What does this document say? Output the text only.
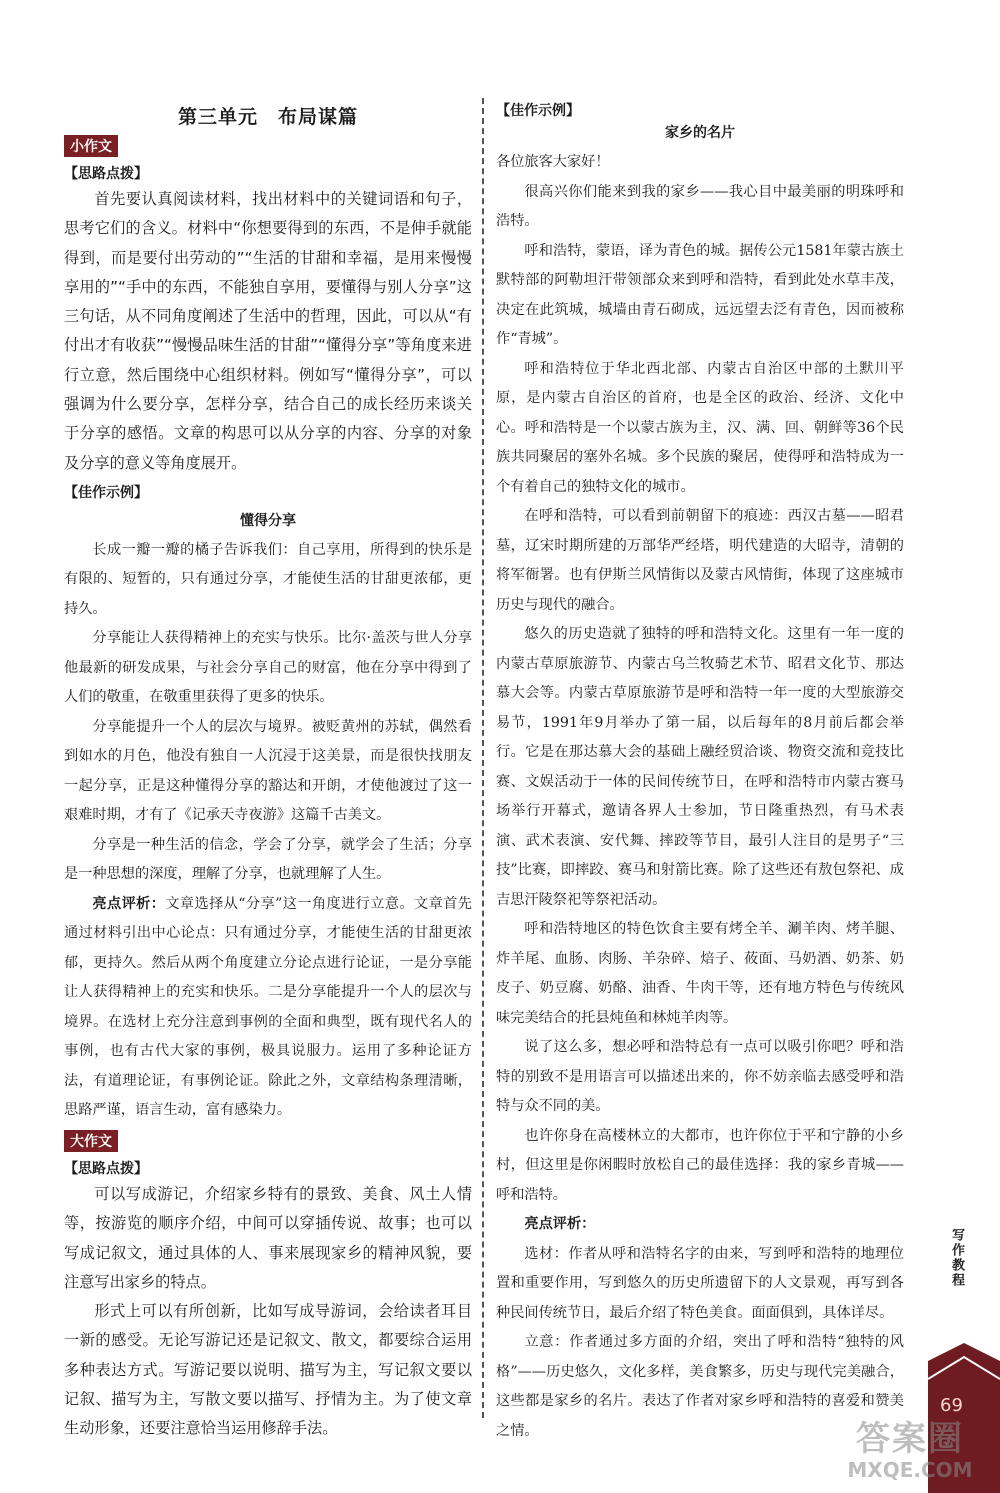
第三单元　布局谋篇
小作文
【思路点拨】

首先要认真阅读材料，找出材料中的关键词语和句子，思考它们的含义。材料中“你想要得到的东西，不是伸手就能得到，而是要付出劳动的”“生活的甘甜和幸福，是用来慢慢享用的”“手中的东西，不能独自享用，要懂得与别人分享”这三句话，从不同角度阐述了生活中的哲理，因此，可以从“有付出才有收获”“慢慢品味生活的甘甜”“懂得分享”等角度来进行立意，然后围绕中心组织材料。例如写“懂得分享”，可以强调为什么要分享，怎样分享，结合自己的成长经历来谈关于分享的感悟。文章的构思可以从分享的内容、分享的对象及分享的意义等角度展开。

【佳作示例】
懂得分享

长成一瓣一瓣的橘子告诉我们：自己享用，所得到的快乐是有限的、短暂的，只有通过分享，才能使生活的甘甜更浓郁，更持久。

分享能让人获得精神上的充实与快乐。比尔·盖茨与世人分享他最新的研发成果，与社会分享自己的财富，他在分享中得到了人们的敬重，在敬重里获得了更多的快乐。

分享能提升一个人的层次与境界。被贬黄州的苏轼，偶然看到如水的月色，他没有独自一人沉浸于这美景，而是很快找朋友一起分享，正是这种懂得分享的豁达和开朗，才使他渡过了这一艰难时期，才有了《记承天寺夜游》这篇千古美文。

分享是一种生活的信念，学会了分享，就学会了生活；分享是一种思想的深度，理解了分享，也就理解了人生。

亮点评析：文章选择从“分享”这一角度进行立意。文章首先通过材料引出中心论点：只有通过分享，才能使生活的甘甜更浓郁，更持久。然后从两个角度建立分论点进行论证，一是分享能让人获得精神上的充实和快乐。二是分享能提升一个人的层次与境界。在选材上充分注意到事例的全面和典型，既有现代名人的事例，也有古代大家的事例，极具说服力。运用了多种论证方法，有道理论证，有事例论证。除此之外，文章结构条理清晰，思路严谨，语言生动，富有感染力。

大作文
【思路点拨】

可以写成游记，介绍家乡特有的景致、美食、风土人情等，按游览的顺序介绍，中间可以穿插传说、故事；也可以写成记叙文，通过具体的人、事来展现家乡的精神风貌，要注意写出家乡的特点。

形式上可以有所创新，比如写成导游词，会给读者耳目一新的感受。无论写游记还是记叙文、散文，都要综合运用多种表达方式。写游记要以说明、描写为主，写记叙文要以记叙、描写为主，写散文要以描写、抒情为主。为了使文章生动形象，还要注意恰当运用修辞手法。

【佳作示例】
家乡的名片

各位旅客大家好！

很高兴你们能来到我的家乡——我心目中最美丽的明珠呼和浩特。

呼和浩特，蒙语，译为青色的城。据传公元1581年蒙古族土默特部的阿勒坦汗带领部众来到呼和浩特，看到此处水草丰茂，决定在此筑城，城墙由青石砌成，远远望去泛有青色，因而被称作“青城”。

呼和浩特位于华北西北部、内蒙古自治区中部的土默川平原，是内蒙古自治区的首府，也是全区的政治、经济、文化中心。呼和浩特是一个以蒙古族为主，汉、满、回、朝鲜等36个民族共同聚居的塞外名城。多个民族的聚居，使得呼和浩特成为一个有着自己的独特文化的城市。

在呼和浩特，可以看到前朝留下的痕迹：西汉古墓——昭君墓，辽宋时期所建的万部华严经塔，明代建造的大昭寺，清朝的将军衙署。也有伊斯兰风情街以及蒙古风情街，体现了这座城市历史与现代的融合。

悠久的历史造就了独特的呼和浩特文化。这里有一年一度的内蒙古草原旅游节、内蒙古乌兰牧骑艺术节、昭君文化节、那达慕大会等。内蒙古草原旅游节是呼和浩特一年一度的大型旅游交易节，1991年9月举办了第一届，以后每年的8月前后都会举行。它是在那达慕大会的基础上融经贸洽谈、物资交流和竞技比赛、文娱活动于一体的民间传统节日，在呼和浩特市内蒙古赛马场举行开幕式，邀请各界人士参加，节日隆重热烈，有马术表演、武术表演、安代舞、摔跤等节目，最引人注目的是男子“三技”比赛，即摔跤、赛马和射箭比赛。除了这些还有敖包祭祀、成吉思汗陵祭祀等祭祀活动。

呼和浩特地区的特色饮食主要有烤全羊、涮羊肉、烤羊腿、炸羊尾、血肠、肉肠、羊杂碎、焙子、莜面、马奶酒、奶茶、奶皮子、奶豆腐、奶酪、油香、牛肉干等，还有地方特色与传统风味完美结合的托县炖鱼和林炖羊肉等。

说了这么多，想必呼和浩特总有一点可以吸引你吧？呼和浩特的别致不是用语言可以描述出来的，你不妨亲临去感受呼和浩特与众不同的美。

也许你身在高楼林立的大都市，也许你位于平和宁静的小乡村，但这里是你闲暇时放松自己的最佳选择：我的家乡青城——呼和浩特。

亮点评析：

选材：作者从呼和浩特名字的由来，写到呼和浩特的地理位置和重要作用，写到悠久的历史所遗留下的人文景观，再写到各种民间传统节日，最后介绍了特色美食。面面俱到，具体详尽。

立意：作者通过多方面的介绍，突出了呼和浩特“独特的风格”——历史悠久，文化多样，美食繁多，历史与现代完美融合，这些都是家乡的名片。表达了作者对家乡呼和浩特的喜爱和赞美之情。

写作教程
69
答案圈
MXQE.COM
